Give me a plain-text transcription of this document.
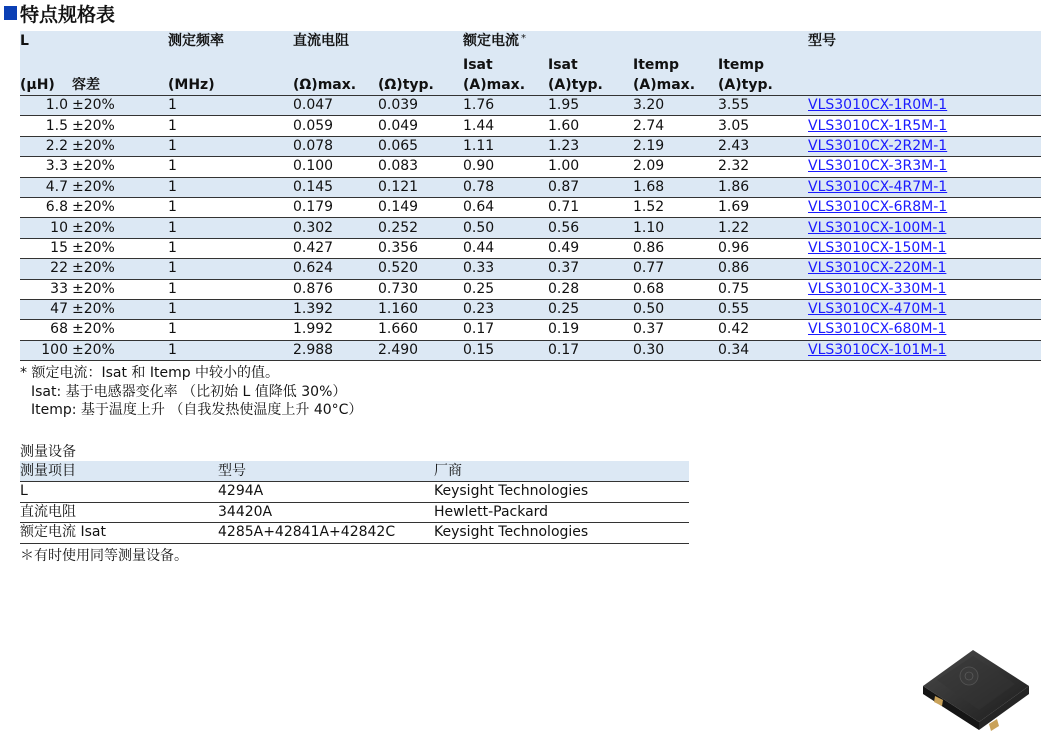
特点规格表
L		测定频率	直流电阻		额定电流 *				型号
					Isat	Isat	Itemp	Itemp	
(μH)	容差	(MHz)	(Ω)max.	(Ω)typ.	(A)max.	(A)typ.	(A)max.	(A)typ.	
1.0	±20%	1	0.047	0.039	1.76	1.95	3.20	3.55	VLS3010CX-1R0M-1
1.5	±20%	1	0.059	0.049	1.44	1.60	2.74	3.05	VLS3010CX-1R5M-1
2.2	±20%	1	0.078	0.065	1.11	1.23	2.19	2.43	VLS3010CX-2R2M-1
3.3	±20%	1	0.100	0.083	0.90	1.00	2.09	2.32	VLS3010CX-3R3M-1
4.7	±20%	1	0.145	0.121	0.78	0.87	1.68	1.86	VLS3010CX-4R7M-1
6.8	±20%	1	0.179	0.149	0.64	0.71	1.52	1.69	VLS3010CX-6R8M-1
10	±20%	1	0.302	0.252	0.50	0.56	1.10	1.22	VLS3010CX-100M-1
15	±20%	1	0.427	0.356	0.44	0.49	0.86	0.96	VLS3010CX-150M-1
22	±20%	1	0.624	0.520	0.33	0.37	0.77	0.86	VLS3010CX-220M-1
33	±20%	1	0.876	0.730	0.25	0.28	0.68	0.75	VLS3010CX-330M-1
47	±20%	1	1.392	1.160	0.23	0.25	0.50	0.55	VLS3010CX-470M-1
68	±20%	1	1.992	1.660	0.17	0.19	0.37	0.42	VLS3010CX-680M-1
100	±20%	1	2.988	2.490	0.15	0.17	0.30	0.34	VLS3010CX-101M-1
* 额定电流：Isat 和 Itemp 中较小的值。
Isat: 基于电感器变化率 （比初始 L 值降低 30%）
Itemp: 基于温度上升 （自我发热使温度上升 40°C）
测量设备
测量项目	型号	厂商
L	4294A	Keysight Technologies
直流电阻	34420A	Hewlett-Packard
额定电流 Isat	4285A+42841A+42842C	Keysight Technologies
＊有时使用同等测量设备。
